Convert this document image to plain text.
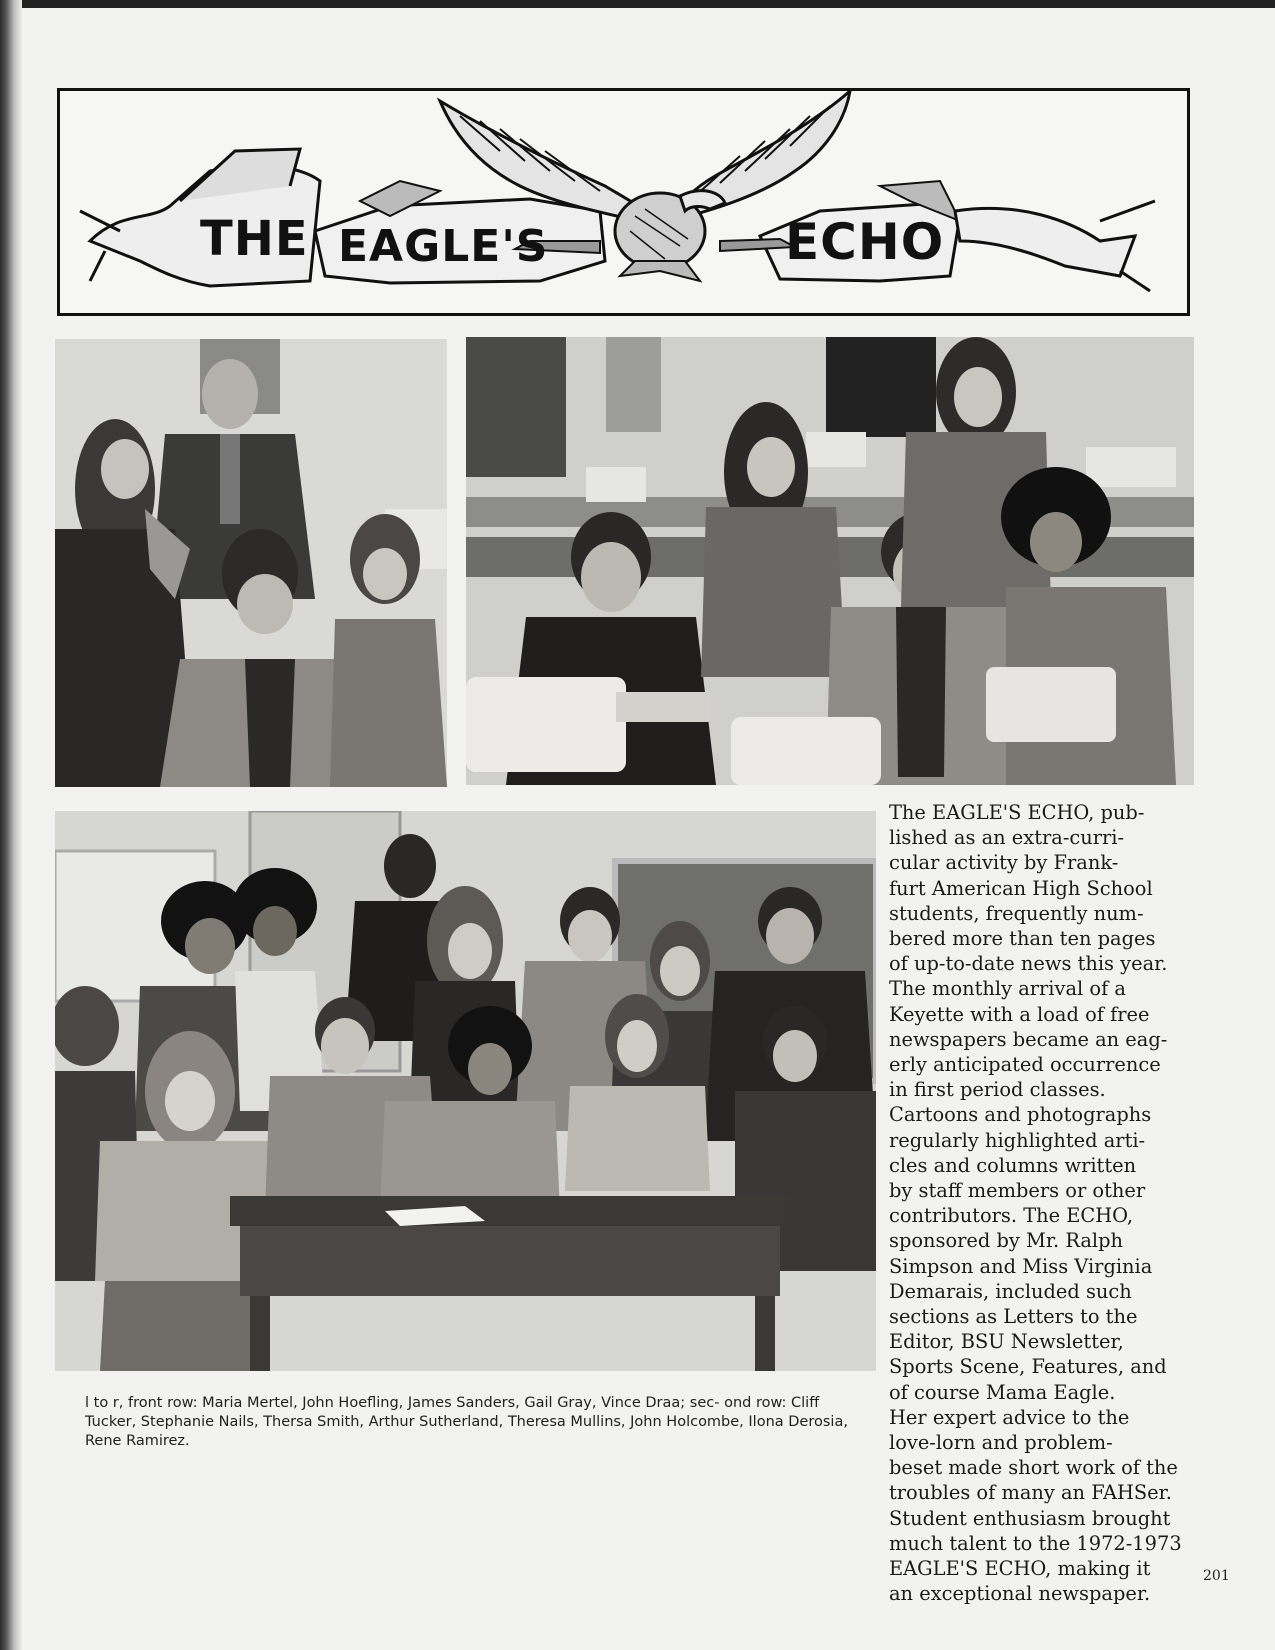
THE EAGLE'S	ECHO
l to r, front row: Maria Mertel, John Hoefling, James Sanders, Gail Gray, Vince Draa; sec- ond row: Cliff Tucker, Stephanie Nails, Thersa Smith, Arthur Sutherland, Theresa Mullins, John Holcombe, Ilona Derosia, Rene Ramirez.
The EAGLE'S ECHO, pub-
lished as an extra-curri-
cular activity by Frank-
furt American High School
students, frequently num-
bered more than ten pages
of up-to-date news this year.
The monthly arrival of a
Keyette with a load of free
newspapers became an eag-
erly anticipated occurrence
in first period classes.
Cartoons and photographs
regularly highlighted arti-
cles and columns written
by staff members or other
contributors. The ECHO,
sponsored by Mr. Ralph
Simpson and Miss Virginia
Demarais, included such
sections as Letters to the
Editor, BSU Newsletter,
Sports Scene, Features, and
of course Mama Eagle.
Her expert advice to the
love-lorn and problem-
beset made short work of the
troubles of many an FAHSer.
Student enthusiasm brought
much talent to the 1972-1973
EAGLE'S ECHO, making it
an exceptional newspaper.
201
